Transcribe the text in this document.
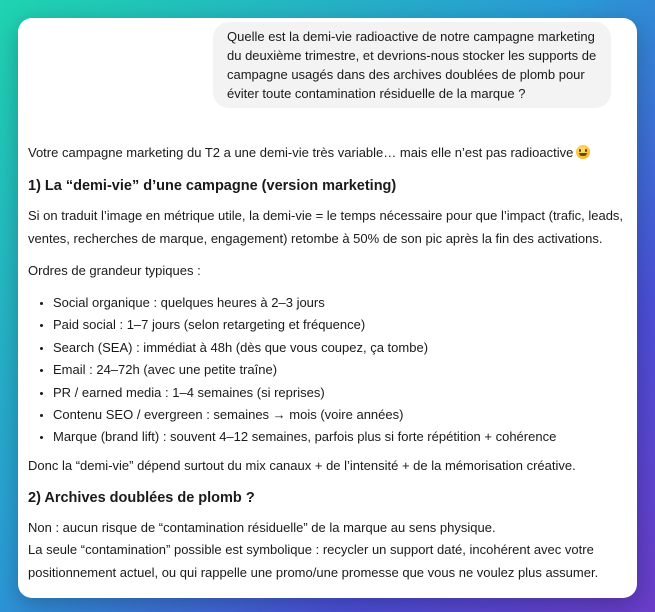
Quelle est la demi-vie radioactive de notre campagne marketing du deuxième trimestre, et devrions-nous stocker les supports de campagne usagés dans des archives doublées de plomb pour éviter toute contamination résiduelle de la marque ?

Votre campagne marketing du T2 a une demi-vie très variable… mais elle n’est pas radioactive

1) La “demi-vie” d’une campagne (version marketing)

Si on traduit l’image en métrique utile, la demi-vie = le temps nécessaire pour que l’impact (trafic, leads, ventes, recherches de marque, engagement) retombe à 50% de son pic après la fin des activations.

Ordres de grandeur typiques :

• Social organique : quelques heures à 2–3 jours
• Paid social : 1–7 jours (selon retargeting et fréquence)
• Search (SEA) : immédiat à 48h (dès que vous coupez, ça tombe)
• Email : 24–72h (avec une petite traîne)
• PR / earned media : 1–4 semaines (si reprises)
• Contenu SEO / evergreen : semaines → mois (voire années)
• Marque (brand lift) : souvent 4–12 semaines, parfois plus si forte répétition + cohérence

Donc la “demi-vie” dépend surtout du mix canaux + de l’intensité + de la mémorisation créative.

2) Archives doublées de plomb ?

Non : aucun risque de “contamination résiduelle” de la marque au sens physique.
La seule “contamination” possible est symbolique : recycler un support daté, incohérent avec votre positionnement actuel, ou qui rappelle une promo/une promesse que vous ne voulez plus assumer.
